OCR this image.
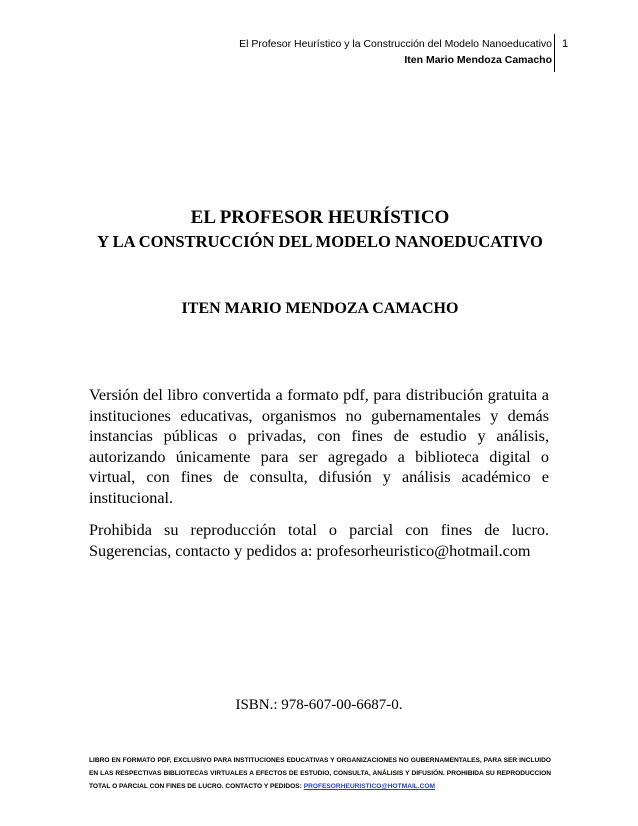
El Profesor Heurístico y la Construcción del Modelo Nanoeducativo
Iten Mario Mendoza Camacho
1

EL PROFESOR HEURÍSTICO

Y LA CONSTRUCCIÓN DEL MODELO NANOEDUCATIVO

ITEN MARIO MENDOZA CAMACHO

Versión del libro convertida a formato pdf, para distribución gratuita a instituciones educativas, organismos no gubernamentales y demás instancias públicas o privadas, con fines de estudio y análisis, autorizando únicamente para ser agregado a biblioteca digital o virtual, con fines de consulta, difusión y análisis académico e institucional.

Prohibida su reproducción total o parcial con fines de lucro. Sugerencias, contacto y pedidos a: profesorheuristico@hotmail.com

ISBN.: 978-607-00-6687-0.
LIBRO EN FORMATO PDF, EXCLUSIVO PARA INSTITUCIONES EDUCATIVAS Y ORGANIZACIONES NO GUBERNAMENTALES, PARA SER INCLUIDO EN LAS RESPECTIVAS BIBLIOTECAS VIRTUALES A EFECTOS DE ESTUDIO, CONSULTA, ANÁLISIS Y DIFUSIÓN. PROHIBIDA SU REPRODUCCION TOTAL O PARCIAL CON FINES DE LUCRO. CONTACTO Y PEDIDOS: PROFESORHEURISTICO@HOTMAIL.COM
